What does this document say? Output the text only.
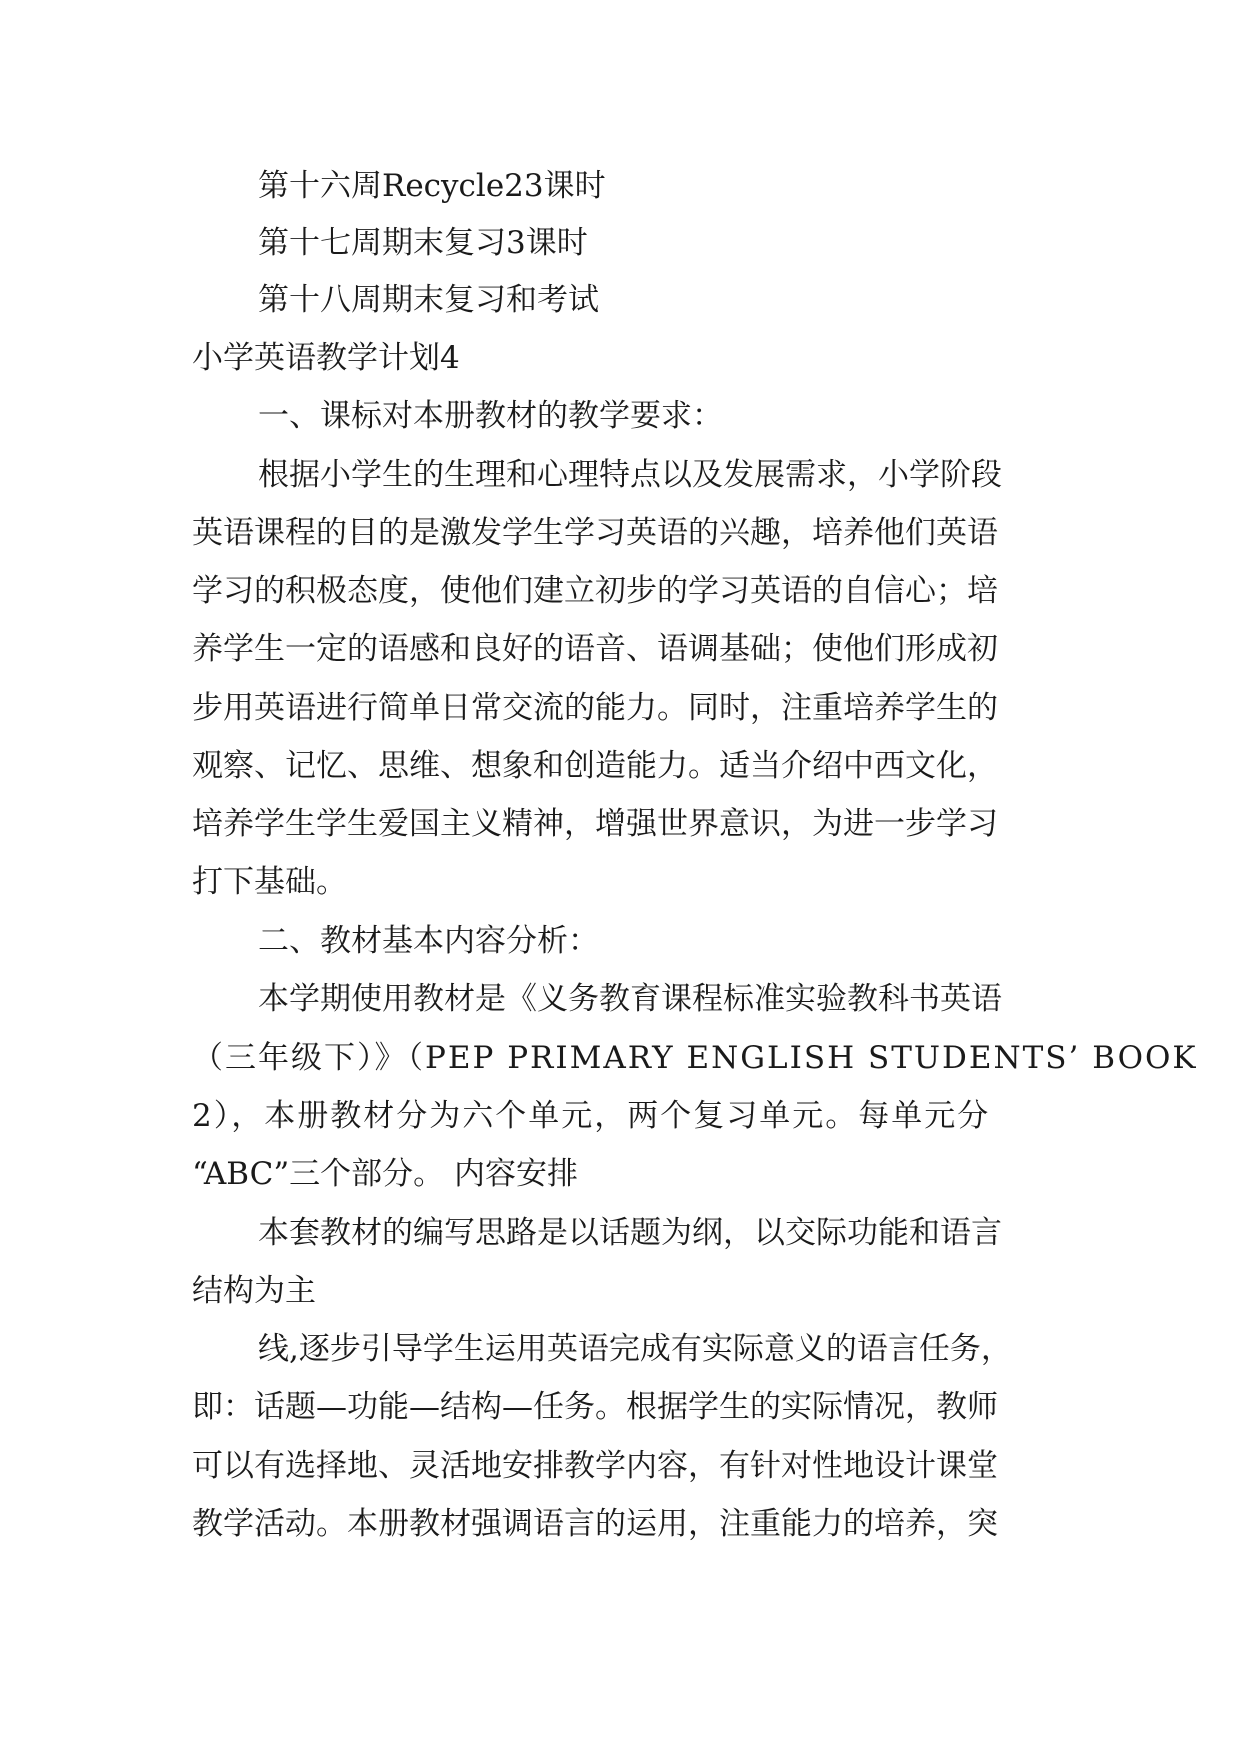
第十六周Recycle23课时
第十七周期末复习3课时
第十八周期末复习和考试
小学英语教学计划4
一、课标对本册教材的教学要求：
根据小学生的生理和心理特点以及发展需求，小学阶段
英语课程的目的是激发学生学习英语的兴趣，培养他们英语
学习的积极态度，使他们建立初步的学习英语的自信心；培
养学生一定的语感和良好的语音、语调基础；使他们形成初
步用英语进行简单日常交流的能力。同时，注重培养学生的
观察、记忆、思维、想象和创造能力。适当介绍中西文化，
培养学生学生爱国主义精神，增强世界意识，为进一步学习
打下基础。
二、教材基本内容分析：
本学期使用教材是《义务教育课程标准实验教科书英语
（三年级下）》（PEP PRIMARY ENGLISH STUDENTS’ BOOK
2），本册教材分为六个单元，两个复习单元。每单元分
“ABC”三个部分。 内容安排
本套教材的编写思路是以话题为纲，以交际功能和语言
结构为主
线,逐步引导学生运用英语完成有实际意义的语言任务，
即：话题—功能—结构—任务。根据学生的实际情况，教师
可以有选择地、灵活地安排教学内容，有针对性地设计课堂
教学活动。本册教材强调语言的运用，注重能力的培养，突
